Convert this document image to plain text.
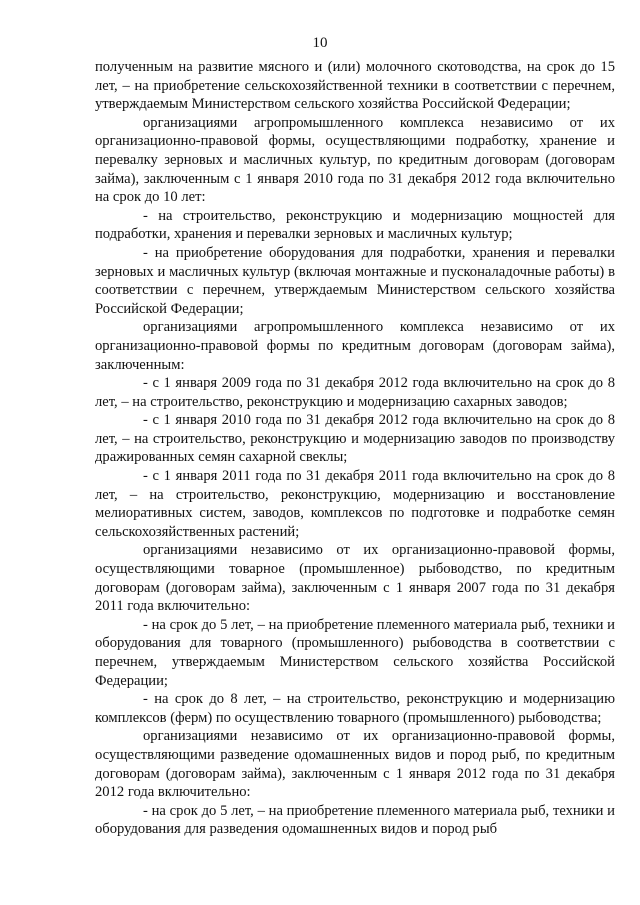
10

полученным на развитие мясного и (или) молочного скотоводства, на срок до 15 лет, – на приобретение сельскохозяйственной техники в соответствии с перечнем, утверждаемым Министерством сельского хозяйства Российской Федерации;

организациями агропромышленного комплекса независимо от их организационно-правовой формы, осуществляющими подработку, хранение и перевалку зерновых и масличных культур, по кредитным договорам (договорам займа), заключенным с 1 января 2010 года по 31 декабря 2012 года включительно на срок до 10 лет:

- на строительство, реконструкцию и модернизацию мощностей для подработки, хранения и перевалки зерновых и масличных культур;

- на приобретение оборудования для подработки, хранения и перевалки зерновых и масличных культур (включая монтажные и пусконаладочные работы) в соответствии с перечнем, утверждаемым Министерством сельского хозяйства Российской Федерации;

организациями агропромышленного комплекса независимо от их организационно-правовой формы по кредитным договорам (договорам займа), заключенным:

- с 1 января 2009 года по 31 декабря 2012 года включительно на срок до 8 лет, – на строительство, реконструкцию и модернизацию сахарных заводов;

- с 1 января 2010 года по 31 декабря 2012 года включительно на срок до 8 лет, – на строительство, реконструкцию и модернизацию заводов по производству дражированных семян сахарной свеклы;

- с 1 января 2011 года по 31 декабря 2011 года включительно на срок до 8 лет, – на строительство, реконструкцию, модернизацию и восстановление мелиоративных систем, заводов, комплексов по подготовке и подработке семян сельскохозяйственных растений;

организациями независимо от их организационно-правовой формы, осуществляющими товарное (промышленное) рыбоводство, по кредитным договорам (договорам займа), заключенным с 1 января 2007 года по 31 декабря 2011 года включительно:

- на срок до 5 лет, – на приобретение племенного материала рыб, техники и оборудования для товарного (промышленного) рыбоводства в соответствии с перечнем, утверждаемым Министерством сельского хозяйства Российской Федерации;

- на срок до 8 лет, – на строительство, реконструкцию и модернизацию комплексов (ферм) по осуществлению товарного (промышленного) рыбоводства;

организациями независимо от их организационно-правовой формы, осуществляющими разведение одомашненных видов и пород рыб, по кредитным договорам (договорам займа), заключенным с 1 января 2012 года по 31 декабря 2012 года включительно:

- на срок до 5 лет, – на приобретение племенного материала рыб, техники и оборудования для разведения одомашненных видов и пород рыб
